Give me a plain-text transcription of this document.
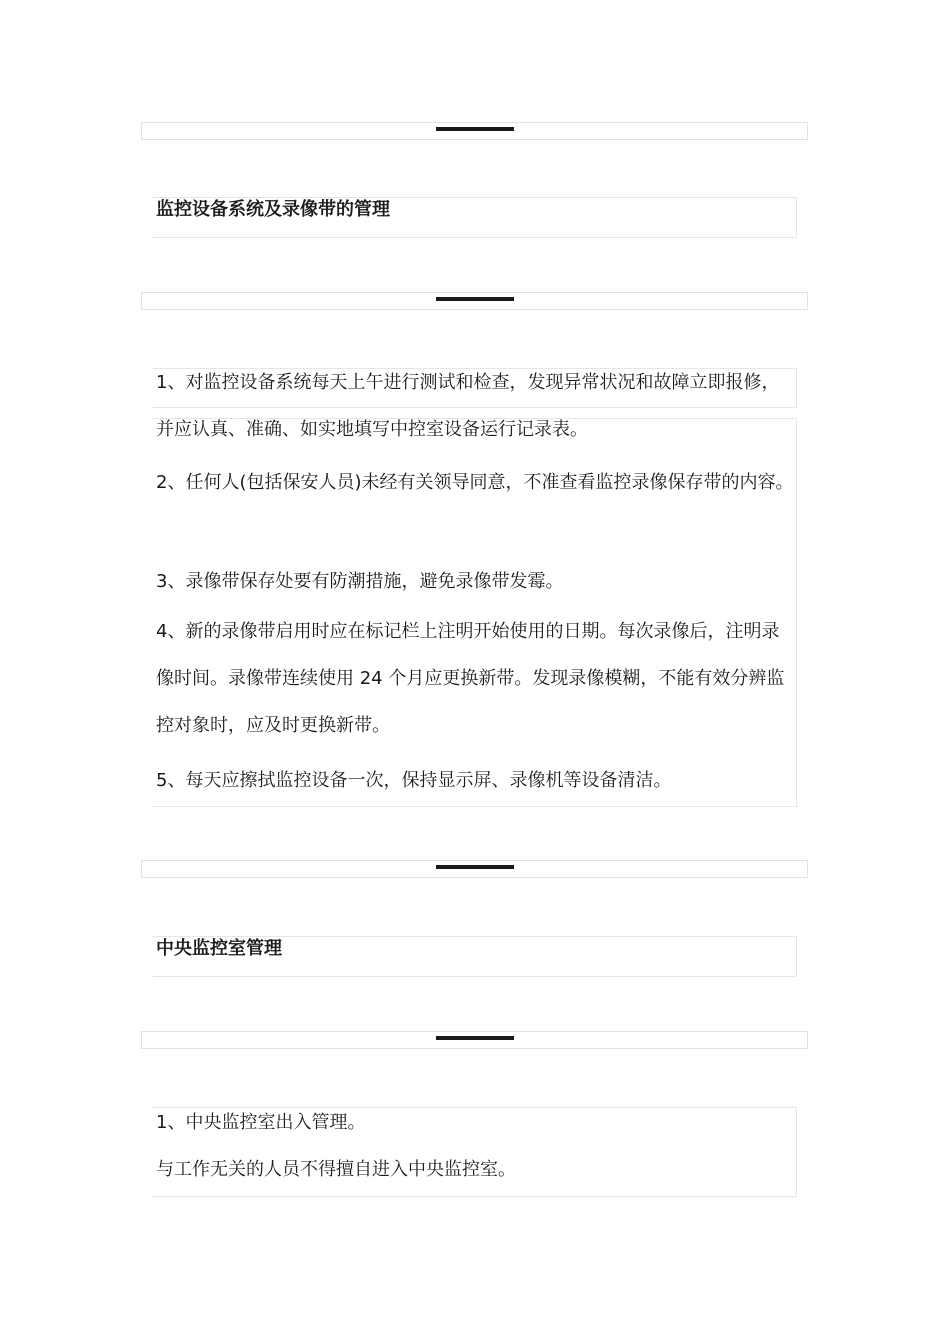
监控设备系统及录像带的管理

1、对监控设备系统每天上午进行测试和检查，发现异常状况和故障立即报修，并应认真、准确、如实地填写中控室设备运行记录表。

2、任何人(包括保安人员)未经有关领导同意，不准查看监控录像保存带的内容。

3、录像带保存处要有防潮措施，避免录像带发霉。

4、新的录像带启用时应在标记栏上注明开始使用的日期。每次录像后，注明录像时间。录像带连续使用 24 个月应更换新带。发现录像模糊，不能有效分辨监控对象时，应及时更换新带。

5、每天应擦拭监控设备一次，保持显示屏、录像机等设备清洁。

中央监控室管理
1、中央监控室出入管理。
与工作无关的人员不得擅自进入中央监控室。
